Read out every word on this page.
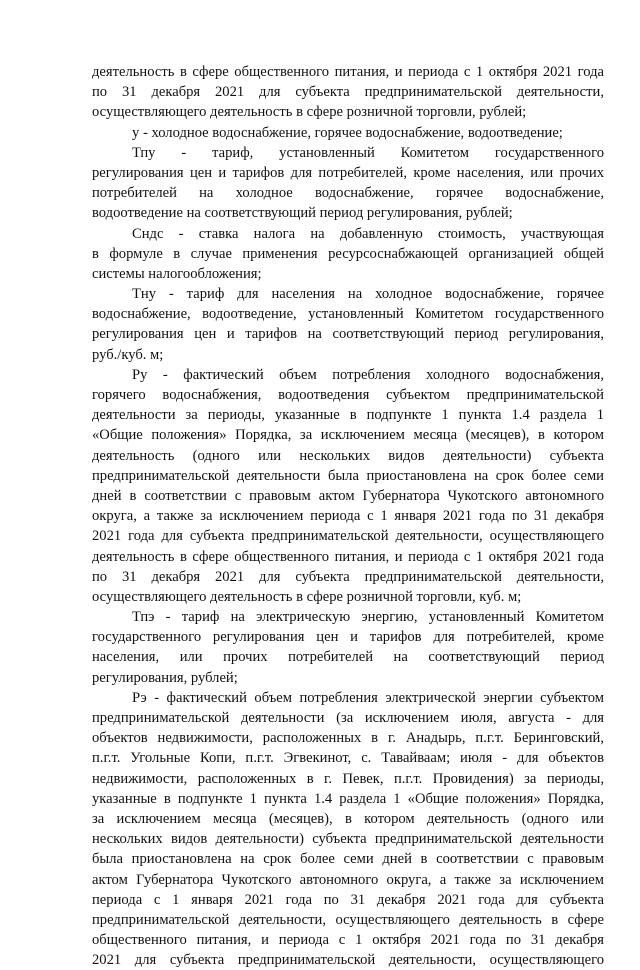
деятельность в сфере общественного питания, и периода с 1 октября 2021 года
по 31 декабря 2021 для субъекта предпринимательской деятельности,
осуществляющего деятельность в сфере розничной торговли, рублей;
у - холодное водоснабжение, горячее водоснабжение, водоотведение;
Тпу - тариф, установленный Комитетом государственного
регулирования цен и тарифов для потребителей, кроме населения, или прочих
потребителей на холодное водоснабжение, горячее водоснабжение,
водоотведение на соответствующий период регулирования, рублей;
Сндс - ставка налога на добавленную стоимость, участвующая
в формуле в случае применения ресурсоснабжающей организацией общей
системы налогообложения;
Тну - тариф для населения на холодное водоснабжение, горячее
водоснабжение, водоотведение, установленный Комитетом государственного
регулирования цен и тарифов на соответствующий период регулирования,
руб./куб. м;
Ру - фактический объем потребления холодного водоснабжения,
горячего водоснабжения, водоотведения субъектом предпринимательской
деятельности за периоды, указанные в подпункте 1 пункта 1.4 раздела 1
«Общие положения» Порядка, за исключением месяца (месяцев), в котором
деятельность (одного или нескольких видов деятельности) субъекта
предпринимательской деятельности была приостановлена на срок более семи
дней в соответствии с правовым актом Губернатора Чукотского автономного
округа, а также за исключением периода с 1 января 2021 года по 31 декабря
2021 года для субъекта предпринимательской деятельности, осуществляющего
деятельность в сфере общественного питания, и периода с 1 октября 2021 года
по 31 декабря 2021 для субъекта предпринимательской деятельности,
осуществляющего деятельность в сфере розничной торговли, куб. м;
Тпэ - тариф на электрическую энергию, установленный Комитетом
государственного регулирования цен и тарифов для потребителей, кроме
населения, или прочих потребителей на соответствующий период
регулирования, рублей;
Рэ - фактический объем потребления электрической энергии субъектом
предпринимательской деятельности (за исключением июля, августа - для
объектов недвижимости, расположенных в г. Анадырь, п.г.т. Беринговский,
п.г.т. Угольные Копи, п.г.т. Эгвекинот, с. Тавайваам; июля - для объектов
недвижимости, расположенных в г. Певек, п.г.т. Провидения) за периоды,
указанные в подпункте 1 пункта 1.4 раздела 1 «Общие положения» Порядка,
за исключением месяца (месяцев), в котором деятельность (одного или
нескольких видов деятельности) субъекта предпринимательской деятельности
была приостановлена на срок более семи дней в соответствии с правовым
актом Губернатора Чукотского автономного округа, а также за исключением
периода с 1 января 2021 года по 31 декабря 2021 года для субъекта
предпринимательской деятельности, осуществляющего деятельность в сфере
общественного питания, и периода с 1 октября 2021 года по 31 декабря
2021 для субъекта предпринимательской деятельности, осуществляющего
